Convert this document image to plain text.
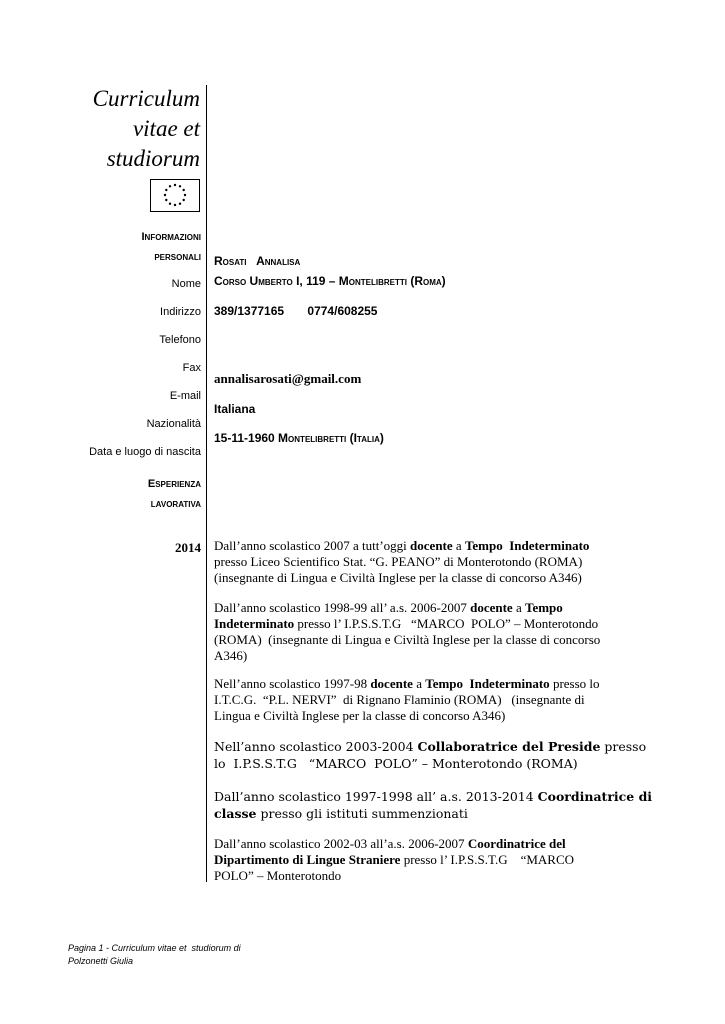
Curriculum
vitae et
studiorum
Informazioni
personali
Nome
Indirizzo
Telefono
Fax
E-mail
Nazionalità
Data e luogo di nascita
Rosati   Annalisa
Corso Umberto I, 119 – Montelibretti (Roma)
389/1377165       0774/608255
annalisarosati@gmail.com
Italiana
15-11-1960 Montelibretti (Italia)
Esperienza
lavorativa
2014 Dall’anno scolastico 2007 a tutt’oggi docente a Tempo  Indeterminato
presso Liceo Scientifico Stat. “G. PEANO” di Monterotondo (ROMA)
(insegnante di Lingua e Civiltà Inglese per la classe di concorso A346)
Dall’anno scolastico 1998-99 all’ a.s. 2006-2007 docente a Tempo
Indeterminato presso l’ I.P.S.S.T.G   “MARCO  POLO” – Monterotondo
(ROMA)  (insegnante di Lingua e Civiltà Inglese per la classe di concorso
A346)
Nell’anno scolastico 1997-98 docente a Tempo  Indeterminato presso lo
I.T.C.G.  “P.L. NERVI”  di Rignano Flaminio (ROMA)   (insegnante di
Lingua e Civiltà Inglese per la classe di concorso A346)
Nell’anno scolastico 2003-2004 Collaboratrice del Preside presso
lo  I.P.S.S.T.G   “MARCO  POLO” – Monterotondo (ROMA)
Dall’anno scolastico 1997-1998 all’ a.s. 2013-2014 Coordinatrice di
classe presso gli istituti summenzionati
Dall’anno scolastico 2002-03 all’a.s. 2006-2007 Coordinatrice del
Dipartimento di Lingue Straniere presso l’ I.P.S.S.T.G    “MARCO
POLO” – Monterotondo
Pagina 1 - Curriculum vitae et  studiorum di
Polzonetti Giulia
